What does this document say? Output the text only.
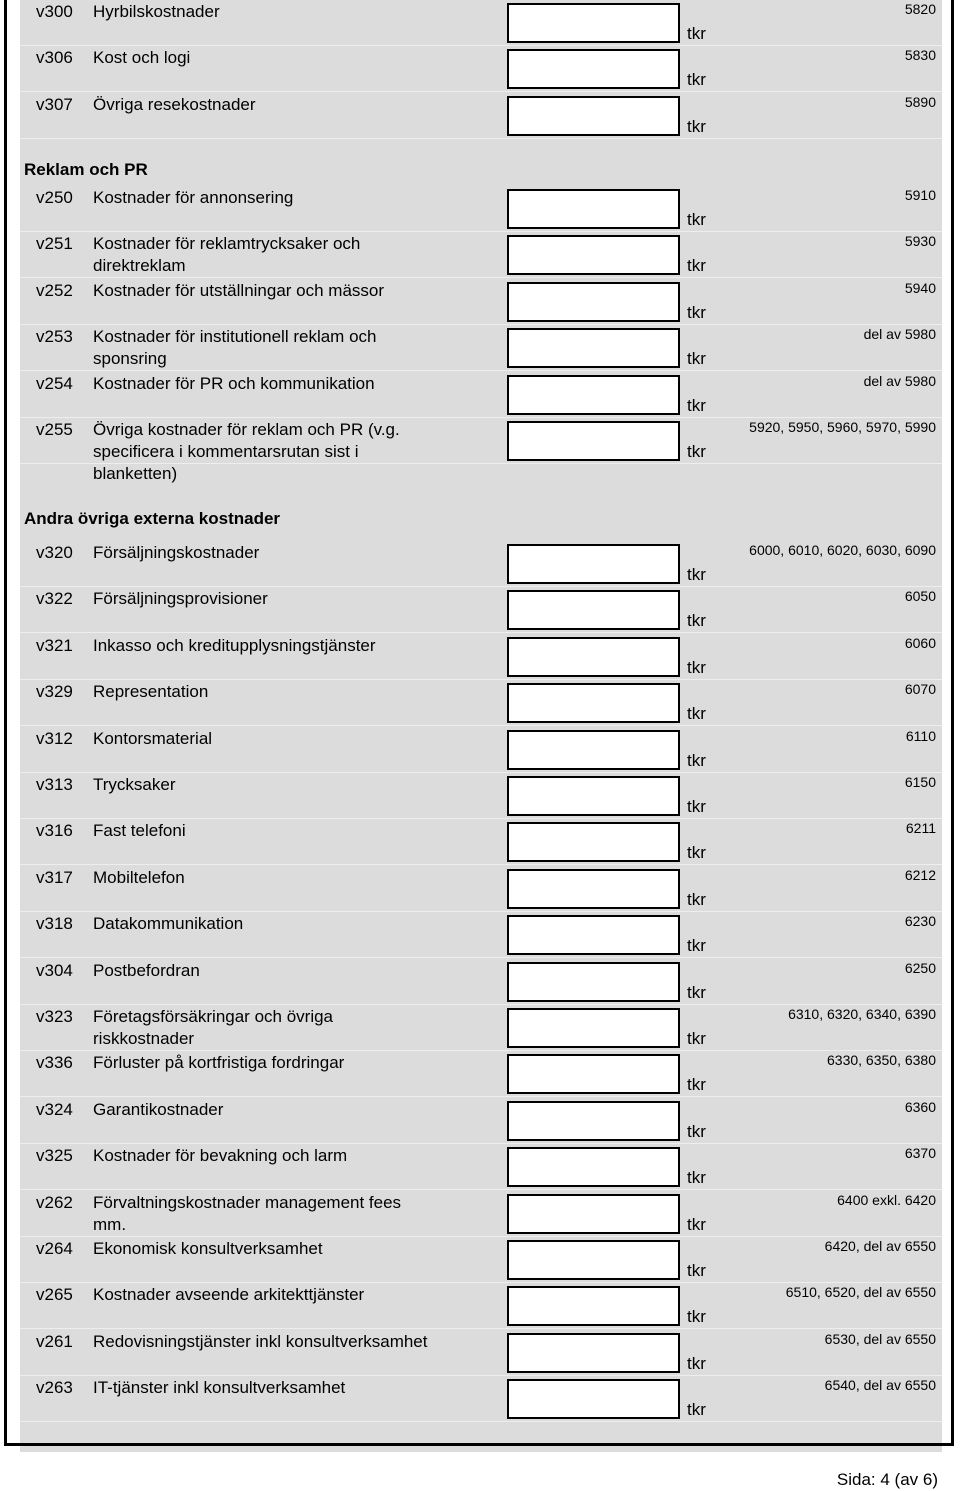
v300	Hyrbilskostnader
tkr
5820
v306	Kost och logi
tkr
5830
v307	Övriga resekostnader
tkr
5890
Reklam och PR
v250	Kostnader för annonsering
tkr
5910
v251	Kostnader för reklamtrycksaker och direktreklam	tkr
5930
v252	Kostnader för utställningar och mässor
tkr
5940
v253	Kostnader för institutionell reklam och sponsring	tkr
del av 5980
v254	Kostnader för PR och kommunikation
tkr
del av 5980
v255	Övriga kostnader för reklam och PR (v.g. specificera i kommentarsrutan sist i blanketten)
tkr
5920, 5950, 5960, 5970, 5990
Andra övriga externa kostnader
v320	Försäljningskostnader
tkr
6000, 6010, 6020, 6030, 6090
v322	Försäljningsprovisioner
tkr
6050
v321	Inkasso och kreditupplysningstjänster
tkr
6060
v329	Representation
tkr
6070
v312	Kontorsmaterial
tkr
6110
v313	Trycksaker
tkr
6150
v316	Fast telefoni
tkr
6211
v317	Mobiltelefon
tkr
6212
v318	Datakommunikation
tkr
6230
v304	Postbefordran
tkr
6250
v323	Företagsförsäkringar och övriga riskkostnader	tkr
6310, 6320, 6340, 6390
v336	Förluster på kortfristiga fordringar
tkr
6330, 6350, 6380
v324	Garantikostnader
tkr
6360
v325	Kostnader för bevakning och larm
tkr
6370
v262	Förvaltningskostnader management fees mm.	tkr
6400 exkl. 6420
v264	Ekonomisk konsultverksamhet
tkr
6420, del av 6550
v265	Kostnader avseende arkitekttjänster
tkr
6510, 6520, del av 6550
v261	Redovisningstjänster inkl konsultverksamhet
tkr
6530, del av 6550
v263	IT-tjänster inkl konsultverksamhet
tkr
6540, del av 6550
Sida: 4 (av 6)
